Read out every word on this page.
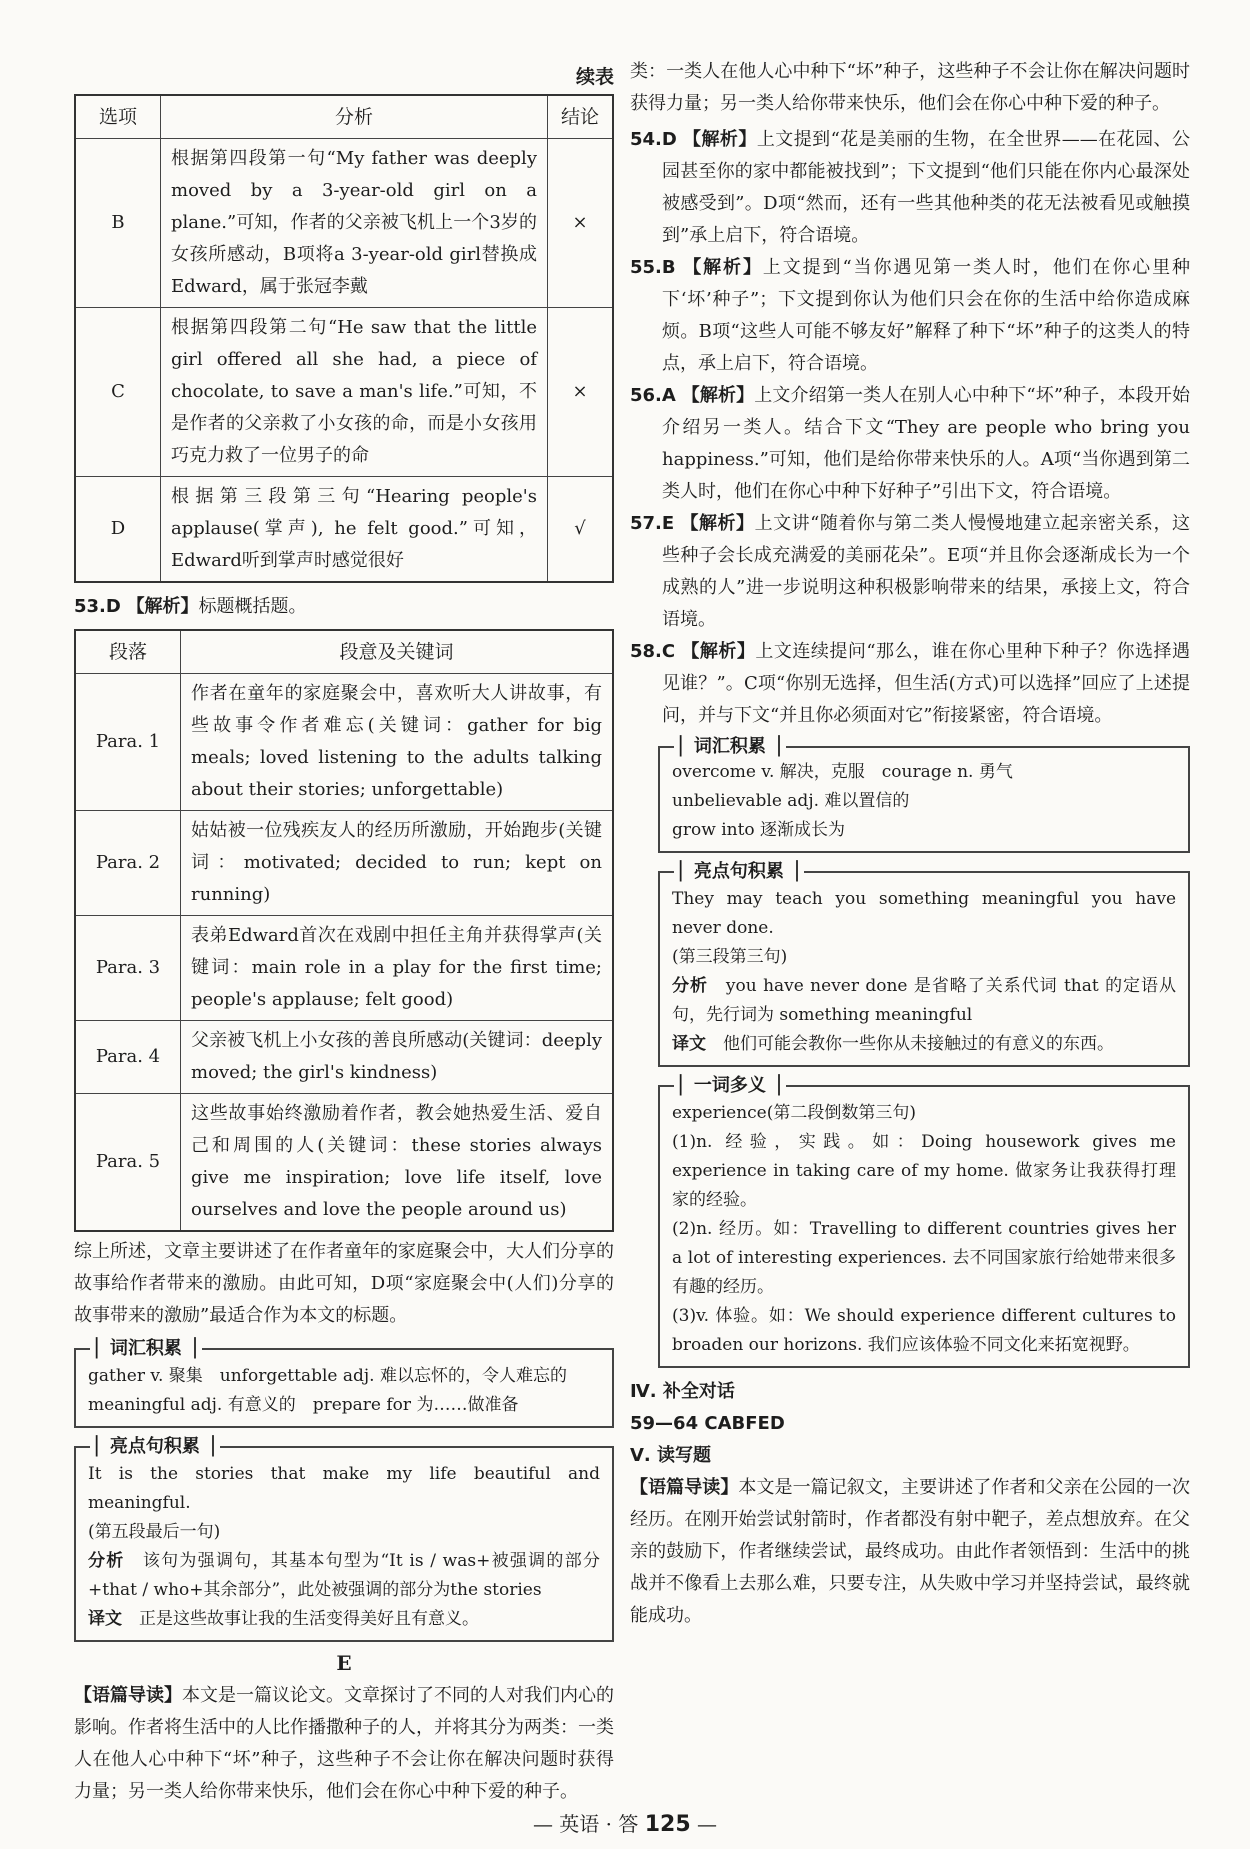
续表
选项	分析	结论
B	根据第四段第一句“My father was deeply moved by a 3-year-old girl on a plane.”可知，作者的父亲被飞机上一个3岁的女孩所感动，B项将a 3-year-old girl替换成Edward，属于张冠李戴	×
C	根据第四段第二句“He saw that the little girl offered all she had, a piece of chocolate, to save a man's life.”可知，不是作者的父亲救了小女孩的命，而是小女孩用巧克力救了一位男子的命	×
D	根据第三段第三句“Hearing people's applause(掌声), he felt good.”可知，Edward听到掌声时感觉很好	√

53.D 【解析】标题概括题。

段落	段意及关键词
Para. 1	作者在童年的家庭聚会中，喜欢听大人讲故事，有些故事令作者难忘(关键词：gather for big meals; loved listening to the adults talking about their stories; unforgettable)
Para. 2	姑姑被一位残疾友人的经历所激励，开始跑步(关键词：motivated; decided to run; kept on running)
Para. 3	表弟Edward首次在戏剧中担任主角并获得掌声(关键词：main role in a play for the first time; people's applause; felt good)
Para. 4	父亲被飞机上小女孩的善良所感动(关键词：deeply moved; the girl's kindness)
Para. 5	这些故事始终激励着作者，教会她热爱生活、爱自己和周围的人(关键词：these stories always give me inspiration; love life itself, love ourselves and love the people around us)

综上所述，文章主要讲述了在作者童年的家庭聚会中，大人们分享的故事给作者带来的激励。由此可知，D项“家庭聚会中(人们)分享的故事带来的激励”最适合作为本文的标题。

▏ 词汇积累 ▕

gather v. 聚集　unforgettable adj. 难以忘怀的，令人难忘的

meaningful adj. 有意义的　prepare for 为……做准备

▏ 亮点句积累 ▕

It is the stories that make my life beautiful and meaningful.

(第五段最后一句)

分析　 该句为强调句，其基本句型为“It is / was+被强调的部分+that / who+其余部分”，此处被强调的部分为the stories

译文　 正是这些故事让我的生活变得美好且有意义。

E

【语篇导读】本文是一篇议论文。文章探讨了不同的人对我们内心的影响。作者将生活中的人比作播撒种子的人，并将其分为两类：一类人在他人心中种下“坏”种子，这些种子不会让你在解决问题时获得力量；另一类人给你带来快乐，他们会在你心中种下爱的种子。

类：一类人在他人心中种下“坏”种子，这些种子不会让你在解决问题时获得力量；另一类人给你带来快乐，他们会在你心中种下爱的种子。

54.D 【解析】上文提到“花是美丽的生物，在全世界——在花园、公园甚至你的家中都能被找到”；下文提到“他们只能在你内心最深处被感受到”。D项“然而，还有一些其他种类的花无法被看见或触摸到”承上启下，符合语境。

55.B 【解析】上文提到“当你遇见第一类人时，他们在你心里种下‘坏’种子”；下文提到你认为他们只会在你的生活中给你造成麻烦。B项“这些人可能不够友好”解释了种下“坏”种子的这类人的特点，承上启下，符合语境。

56.A 【解析】上文介绍第一类人在别人心中种下“坏”种子，本段开始介绍另一类人。结合下文“They are people who bring you happiness.”可知，他们是给你带来快乐的人。A项“当你遇到第二类人时，他们在你心中种下好种子”引出下文，符合语境。

57.E 【解析】上文讲“随着你与第二类人慢慢地建立起亲密关系，这些种子会长成充满爱的美丽花朵”。E项“并且你会逐渐成长为一个成熟的人”进一步说明这种积极影响带来的结果，承接上文，符合语境。

58.C 【解析】上文连续提问“那么，谁在你心里种下种子？你选择遇见谁？”。C项“你别无选择，但生活(方式)可以选择”回应了上述提问，并与下文“并且你必须面对它”衔接紧密，符合语境。

▏ 词汇积累 ▕

overcome v. 解决，克服　courage n. 勇气

unbelievable adj. 难以置信的

grow into 逐渐成长为

▏ 亮点句积累 ▕

They may teach you something meaningful you have never done.

(第三段第三句)

分析　 you have never done 是省略了关系代词 that 的定语从句，先行词为 something meaningful

译文　 他们可能会教你一些你从未接触过的有意义的东西。

▏ 一词多义 ▕

experience(第二段倒数第三句)

(1)n. 经验，实践。如：Doing housework gives me experience in taking care of my home. 做家务让我获得打理家的经验。

(2)n. 经历。如：Travelling to different countries gives her a lot of interesting experiences. 去不同国家旅行给她带来很多有趣的经历。

(3)v. 体验。如：We should experience different cultures to broaden our horizons. 我们应该体验不同文化来拓宽视野。

Ⅳ. 补全对话

59—64 CABFED

Ⅴ. 读写题

【语篇导读】本文是一篇记叙文，主要讲述了作者和父亲在公园的一次经历。在刚开始尝试射箭时，作者都没有射中靶子，差点想放弃。在父亲的鼓励下，作者继续尝试，最终成功。由此作者领悟到：生活中的挑战并不像看上去那么难，只要专注，从失败中学习并坚持尝试，最终就能成功。

— 英语 · 答 125 —
